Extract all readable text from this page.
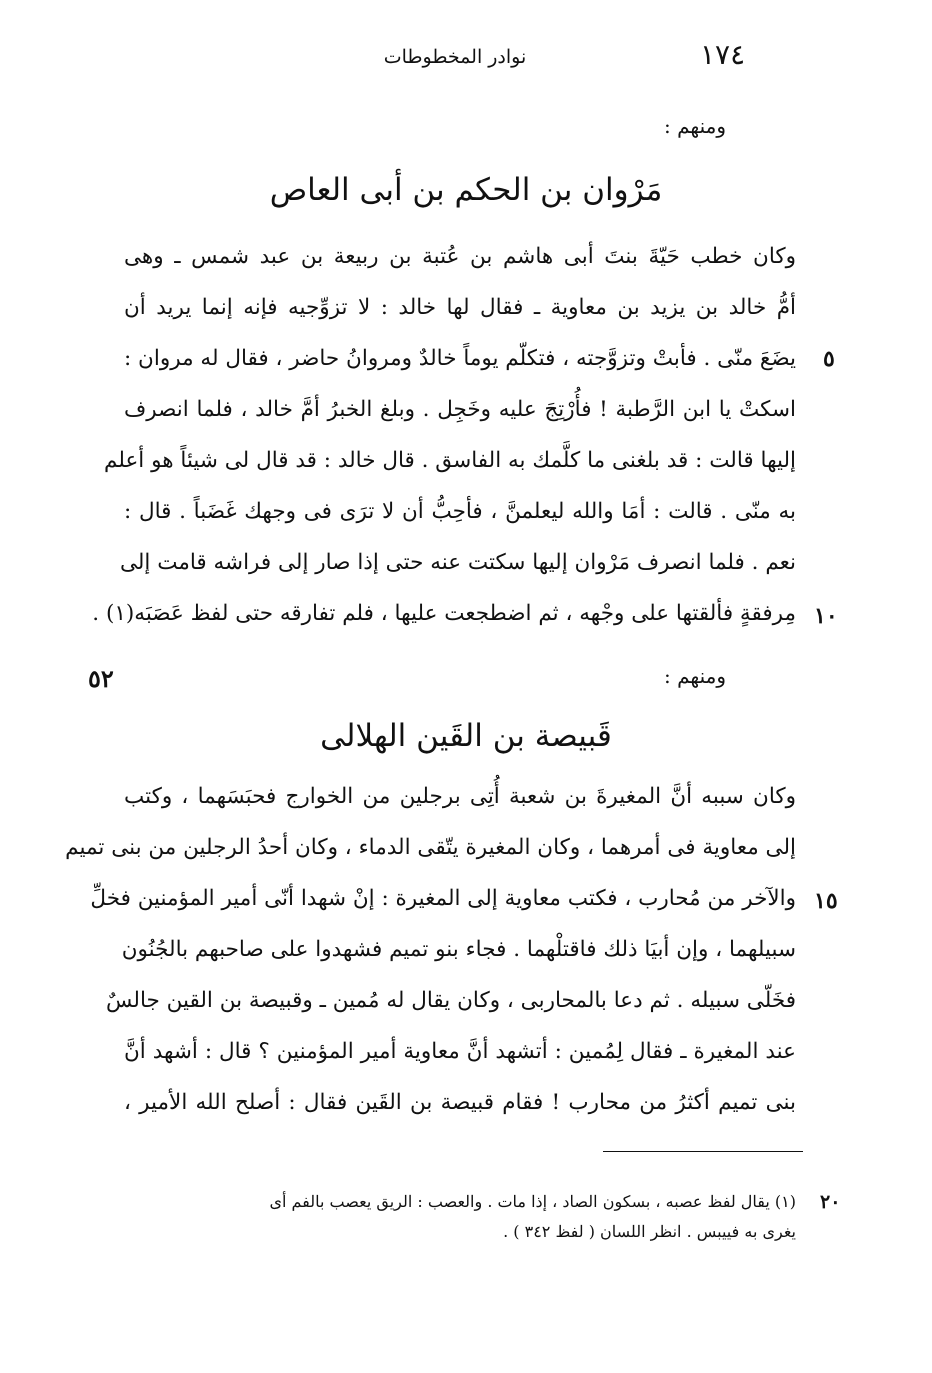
١٧٤
نوادر المخطوطات
ومنهم :
مَرْوان بن الحكم بن أبى العاص
وكان خطب حَيّةَ بنتَ أبى هاشم بن عُتبة بن ربيعة بن عبد شمس ـ وهى
أمُّ خالد بن يزيد بن معاوية ـ فقال لها خالد : لا تزوِّجيه فإنه إنما يريد أن
يضَعَ منّى . فأبتْ وتزوَّجته ، فتكلّم يوماً خالدٌ ومروانُ حاضر ، فقال له مروان :
اسكتْ يا ابن الرَّطبة ! فأُرْتِجَ عليه وخَجِل . وبلغ الخبرُ أمَّ خالد ، فلما انصرف
إليها قالت : قد بلغنى ما كلَّمك به الفاسق . قال خالد : قد قال لى شيئاً هو أعلم
به منّى . قالت : أمَا والله ليعلمنَّ ، فأحِبُّ أن لا ترَى فى وجهك غَضَباً . قال :
نعم . فلما انصرف مَرْوان إليها سكتت عنه حتى إذا صار إلى فراشه قامت إلى
مِرفقةٍ فألقتها على وجْهه ، ثم اضطجعت عليها ، فلم تفارقه حتى لفظ عَصَبَه(١) .
ومنهم :
قَبيصة بن القَين الهلالى
وكان سببه أنَّ المغيرةَ بن شعبة أُتِى برجلين من الخوارج فحبَسَهما ، وكتب
إلى معاوية فى أمرهما ، وكان المغيرة يتّقى الدماء ، وكان أحدُ الرجلين من بنى تميم
والآخر من مُحارب ، فكتب معاوية إلى المغيرة : إنْ شهدا أنّى أمير المؤمنين فخلِّ
سبيلهما ، وإن أبيَا ذلك فاقتلْهما . فجاء بنو تميم فشهدوا على صاحبهم بالجُنُون
فخَلّى سبيله . ثم دعا بالمحاربى ، وكان يقال له مُمين ـ وقبيصة بن القين جالسٌ
عند المغيرة ـ فقال لِمُمين : أتشهد أنَّ معاوية أمير المؤمنين ؟ قال : أشهد أنَّ
بنى تميم أكثرُ من محارب ! فقام قبيصة بن القَين فقال : أصلح الله الأمير ،
٥
١٠
١٥
٢٠
٥٢
(١) يقال لفظ عصبه ، بسكون الصاد ، إذا مات . والعصب : الريق يعصب بالفم أى
يغرى به فييبس . انظر اللسان ( لفظ ٣٤٢ ) .
